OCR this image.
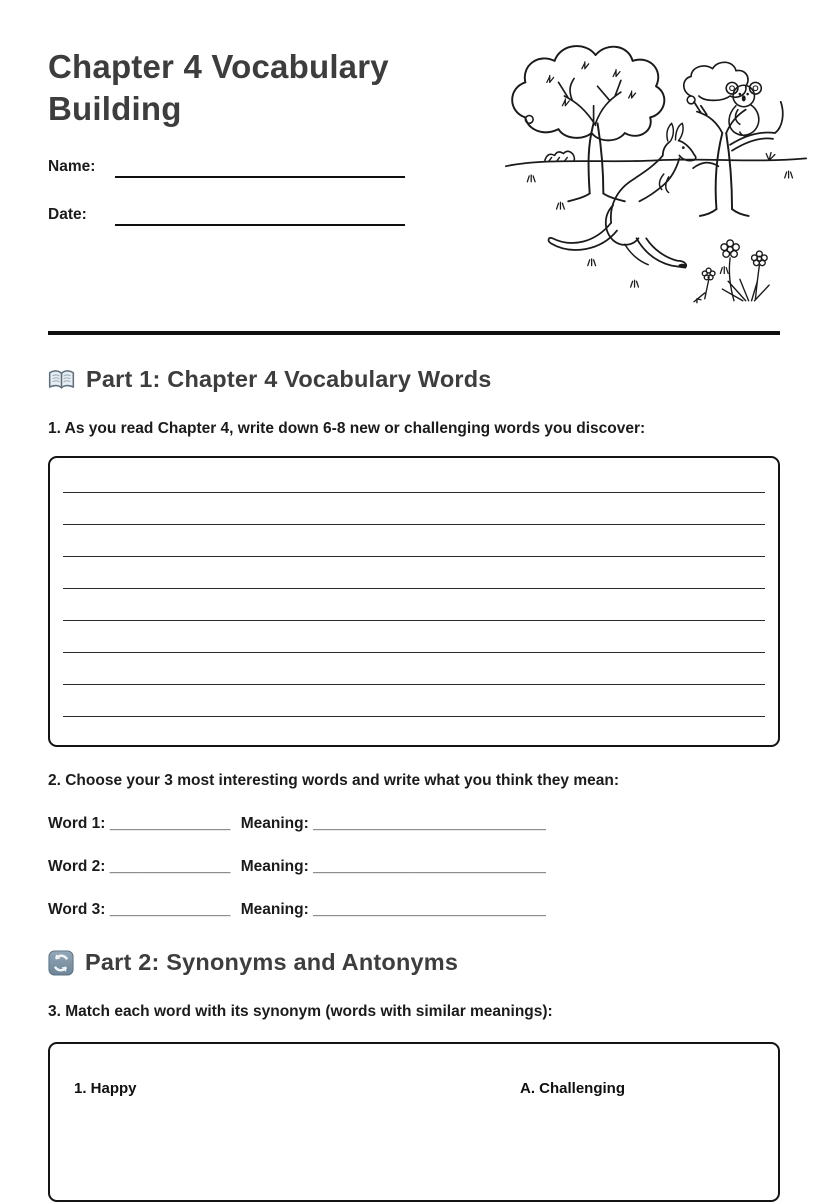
Chapter 4 Vocabulary Building
Name:
Date:
Part 1: Chapter 4 Vocabulary Words

1. As you read Chapter 4, write down 6-8 new or challenging words you discover:

2. Choose your 3 most interesting words and write what you think they mean:

Word 1: ______________ Meaning: ___________________________

Word 2: ______________ Meaning: ___________________________

Word 3: ______________ Meaning: ___________________________

Part 2: Synonyms and Antonyms

3. Match each word with its synonym (words with similar meanings):

1. Happy	A. Challenging
